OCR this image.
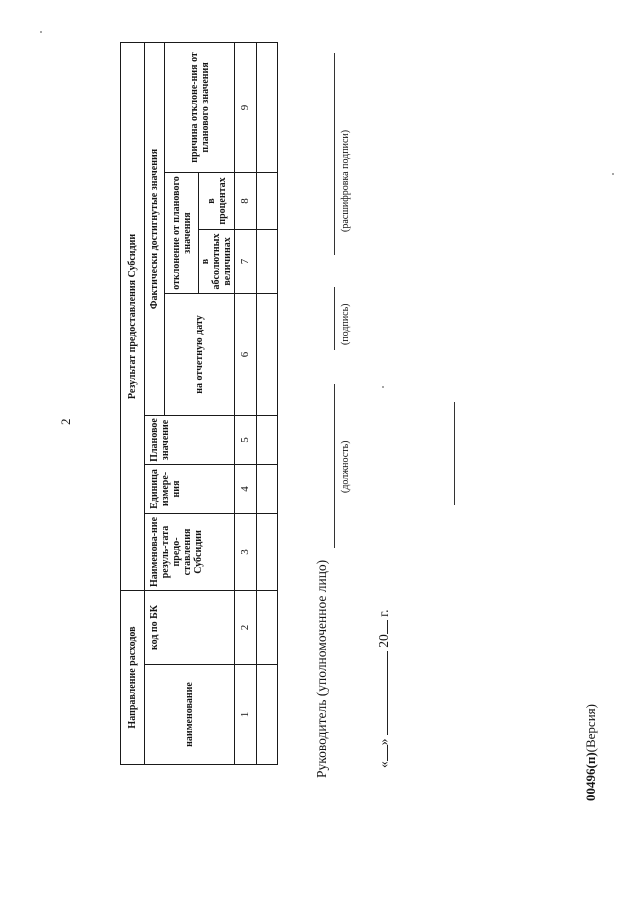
2
Направление расходов		Результат предоставления Субсидии						
наименование	код по БК	Наименова-ние резуль-тата предо-ставления Субсидии	Единица измере-ния	Плановое значение	Фактически достигнутые значения			
					на отчетную дату	отклонение от планового значения		причина отклоне-ния от планового значения
						в абсолютных величинах	в процентах	
1	2	3	4	5	6	7	8	9

Руководитель (уполномоченное лицо)
(должность)
(подпись)
(расшифровка подписи)
«»  20 г.
00496(п)(Версия)
